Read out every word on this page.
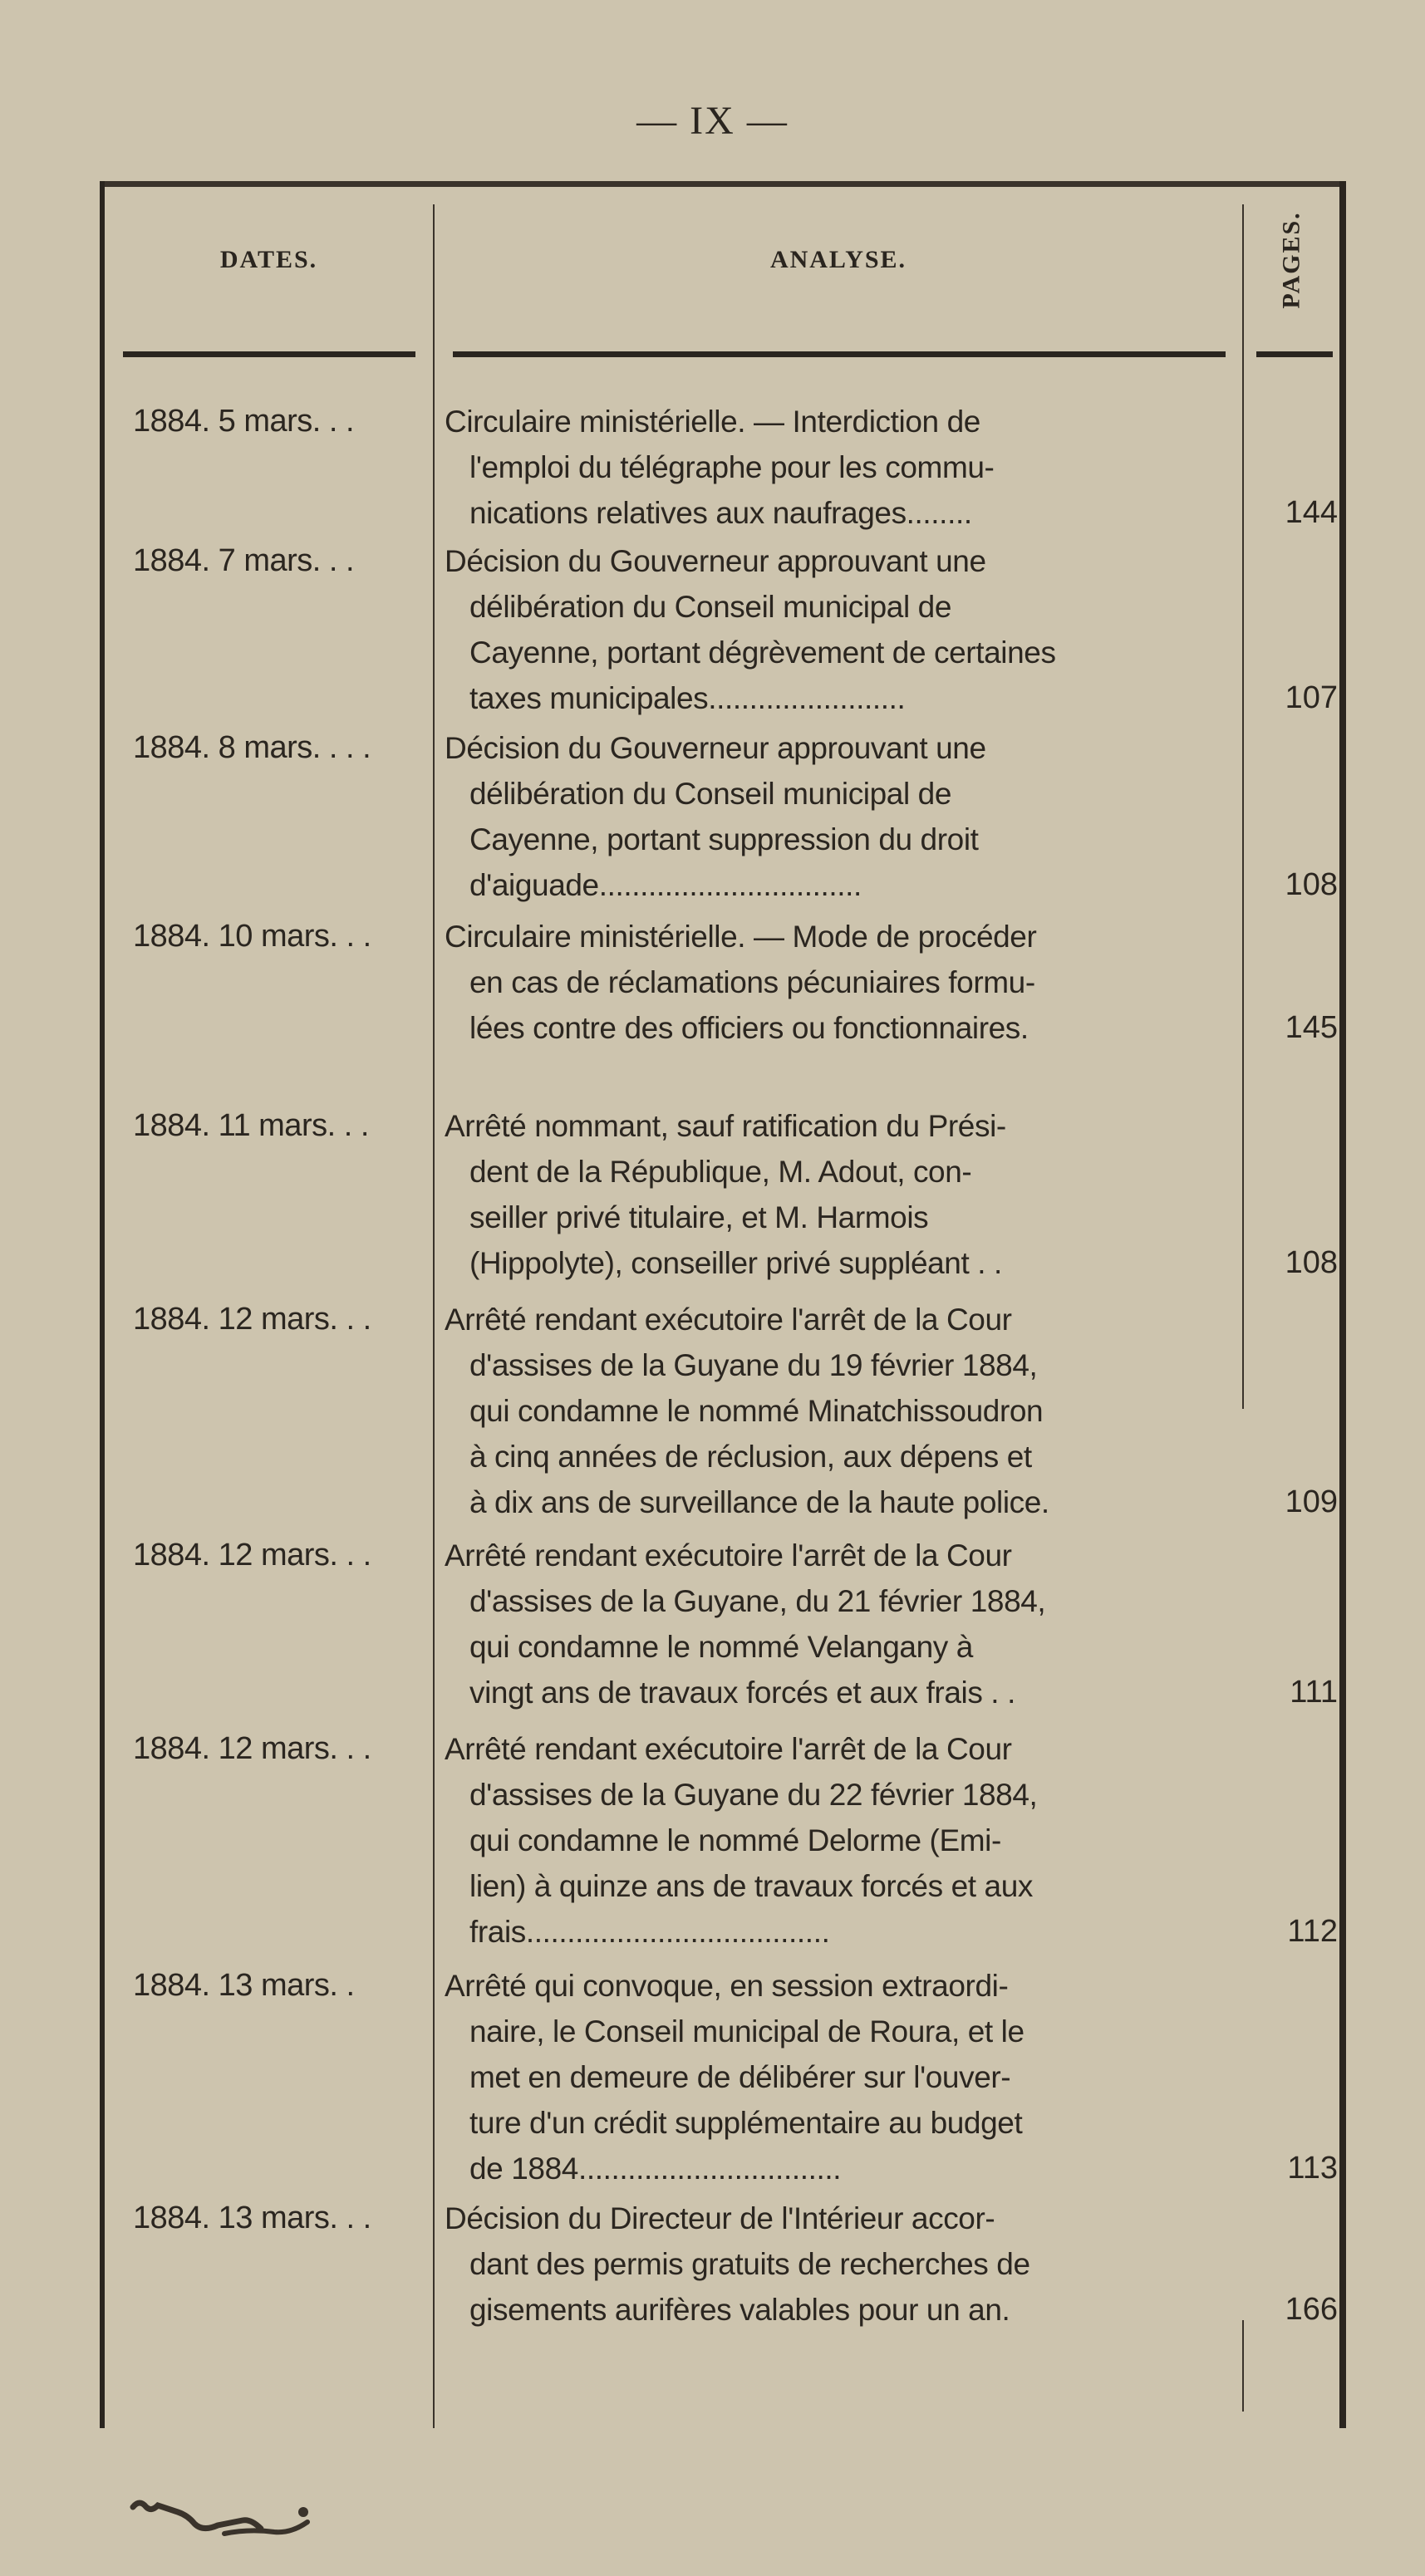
— IX —
DATES.	ANALYSE.	PAGES.
1884. 5 mars. . .	Circulaire ministérielle. — Interdiction de
l'emploi du télégraphe pour les commu-
nications relatives aux naufrages........	144
1884. 7 mars. . .	Décision du Gouverneur approuvant une
délibération du Conseil municipal de
Cayenne, portant dégrèvement de certaines
taxes municipales........................	107
1884. 8 mars. . . .	Décision du Gouverneur approuvant une
délibération du Conseil municipal de
Cayenne, portant suppression du droit
d'aiguade................................	108
1884. 10 mars. . .	Circulaire ministérielle. — Mode de procéder
en cas de réclamations pécuniaires formu-
lées contre des officiers ou fonctionnaires.	145
1884. 11 mars. . .	Arrêté nommant, sauf ratification du Prési-
dent de la République, M. Adout, con-
seiller privé titulaire, et M. Harmois
(Hippolyte), conseiller privé suppléant . .	108
1884. 12 mars. . .	Arrêté rendant exécutoire l'arrêt de la Cour
d'assises de la Guyane du 19 février 1884,
qui condamne le nommé Minatchissoudron
à cinq années de réclusion, aux dépens et
à dix ans de surveillance de la haute police.	109
1884. 12 mars. . .	Arrêté rendant exécutoire l'arrêt de la Cour
d'assises de la Guyane, du 21 février 1884,
qui condamne le nommé Velangany à
vingt ans de travaux forcés et aux frais . .	111
1884. 12 mars. . .	Arrêté rendant exécutoire l'arrêt de la Cour
d'assises de la Guyane du 22 février 1884,
qui condamne le nommé Delorme (Emi-
lien) à quinze ans de travaux forcés et aux
frais.....................................	112
1884. 13 mars. .	Arrêté qui convoque, en session extraordi-
naire, le Conseil municipal de Roura, et le
met en demeure de délibérer sur l'ouver-
ture d'un crédit supplémentaire au budget
de 1884................................	113
1884. 13 mars. . .	Décision du Directeur de l'Intérieur accor-
dant des permis gratuits de recherches de
gisements aurifères valables pour un an.	166
